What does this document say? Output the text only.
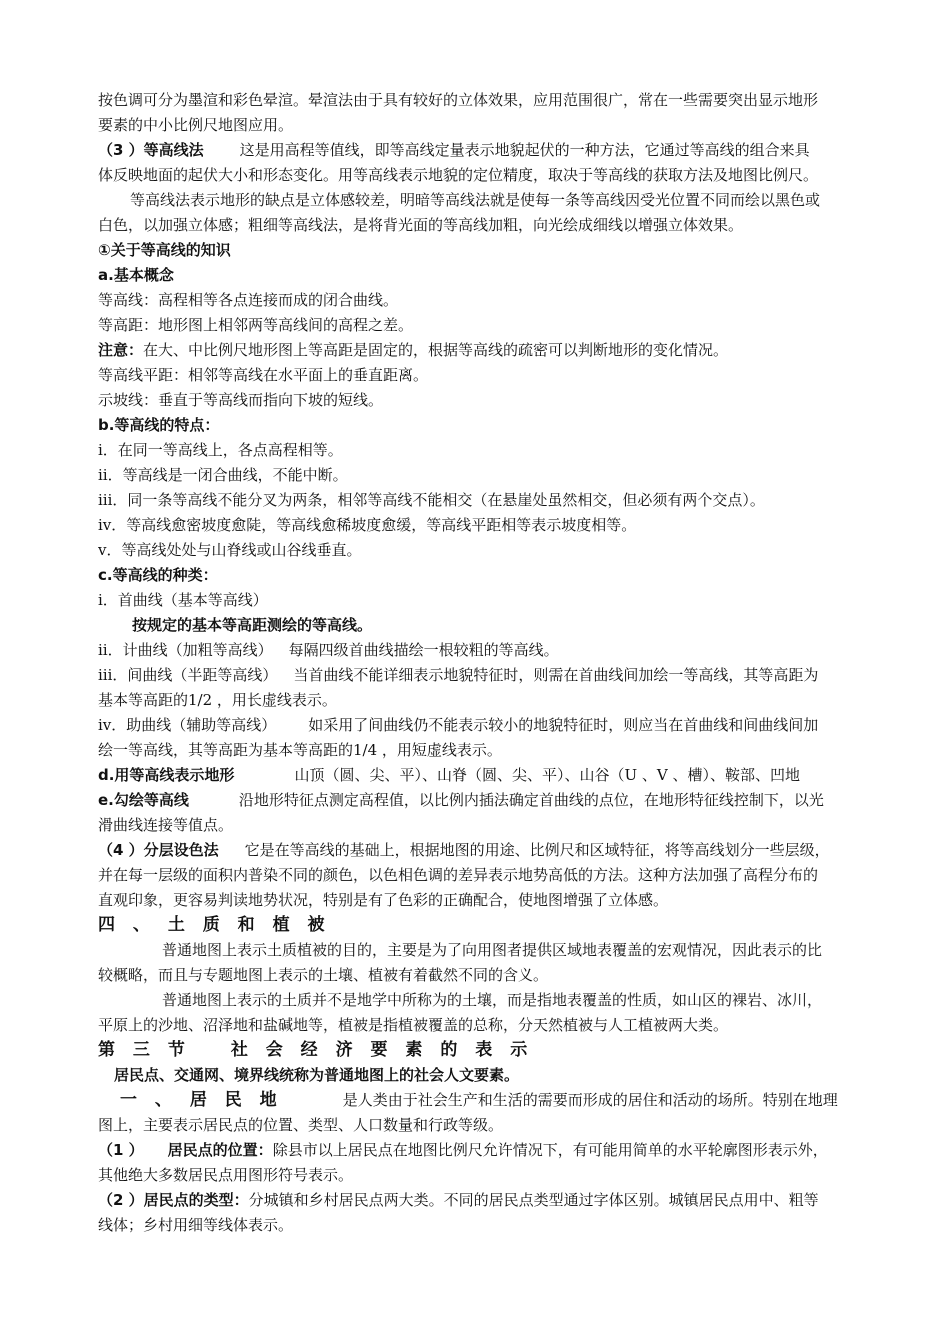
按色调可分为墨渲和彩色晕渲。晕渲法由于具有较好的立体效果，应用范围很广，常在一些需要突出显示地形
要素的中小比例尺地图应用。
（3 ）等高线法 这是用高程等值线，即等高线定量表示地貌起伏的一种方法，它通过等高线的组合来具
体反映地面的起伏大小和形态变化。用等高线表示地貌的定位精度，取决于等高线的获取方法及地图比例尺。
等高线法表示地形的缺点是立体感较差，明暗等高线法就是使每一条等高线因受光位置不同而绘以黑色或
白色，以加强立体感；粗细等高线法，是将背光面的等高线加粗，向光绘成细线以增强立体效果。
①关于等高线的知识
a.基本概念
等高线：高程相等各点连接而成的闭合曲线。
等高距：地形图上相邻两等高线间的高程之差。
注意：在大、中比例尺地形图上等高距是固定的，根据等高线的疏密可以判断地形的变化情况。
等高线平距：相邻等高线在水平面上的垂直距离。
示坡线：垂直于等高线而指向下坡的短线。
b.等高线的特点：
ⅰ．在同一等高线上，各点高程相等。
ⅱ．等高线是一闭合曲线，不能中断。
ⅲ．同一条等高线不能分叉为两条，相邻等高线不能相交（在悬崖处虽然相交，但必须有两个交点）。
ⅳ．等高线愈密坡度愈陡，等高线愈稀坡度愈缓，等高线平距相等表示坡度相等。
ⅴ．等高线处处与山脊线或山谷线垂直。
c.等高线的种类：
ⅰ．首曲线（基本等高线）
按规定的基本等高距测绘的等高线。
ⅱ．计曲线（加粗等高线） 每隔四级首曲线描绘一根较粗的等高线。
ⅲ．间曲线（半距等高线） 当首曲线不能详细表示地貌特征时，则需在首曲线间加绘一等高线，其等高距为
基本等高距的1/2 ，用长虚线表示。
ⅳ．助曲线（辅助等高线） 如采用了间曲线仍不能表示较小的地貌特征时，则应当在首曲线和间曲线间加
绘一等高线，其等高距为基本等高距的1/4 ，用短虚线表示。
d.用等高线表示地形	山顶（圆、尖、平）、山脊（圆、尖、平）、山谷（U 、V 、槽）、鞍部、凹地
e.勾绘等高线	沿地形特征点测定高程值，以比例内插法确定首曲线的点位，在地形特征线控制下，以光
滑曲线连接等值点。
（4 ）分层设色法 它是在等高线的基础上，根据地图的用途、比例尺和区域特征，将等高线划分一些层级，
并在每一层级的面积内普染不同的颜色，以色相色调的差异表示地势高低的方法。这种方法加强了高程分布的
直观印象，更容易判读地势状况，特别是有了色彩的正确配合，使地图增强了立体感。
四 、 土 质 和 植 被
普通地图上表示土质植被的目的，主要是为了向用图者提供区域地表覆盖的宏观情况，因此表示的比
较概略，而且与专题地图上表示的土壤、植被有着截然不同的含义。
普通地图上表示的土质并不是地学中所称为的土壤，而是指地表覆盖的性质，如山区的裸岩、冰川，
平原上的沙地、沼泽地和盐碱地等，植被是指植被覆盖的总称，分天然植被与人工植被两大类。
第 三 节 社 会 经 济 要 素 的 表 示
居民点、交通网、境界线统称为普通地图上的社会人文要素。
一 、 居 民 地	是人类由于社会生产和生活的需要而形成的居住和活动的场所。特别在地理
图上，主要表示居民点的位置、类型、人口数量和行政等级。
（1 ） 居民点的位置：除县市以上居民点在地图比例尺允许情况下，有可能用简单的水平轮廓图形表示外，
其他绝大多数居民点用图形符号表示。
（2 ）居民点的类型：分城镇和乡村居民点两大类。不同的居民点类型通过字体区别。城镇居民点用中、粗等
线体；乡村用细等线体表示。
